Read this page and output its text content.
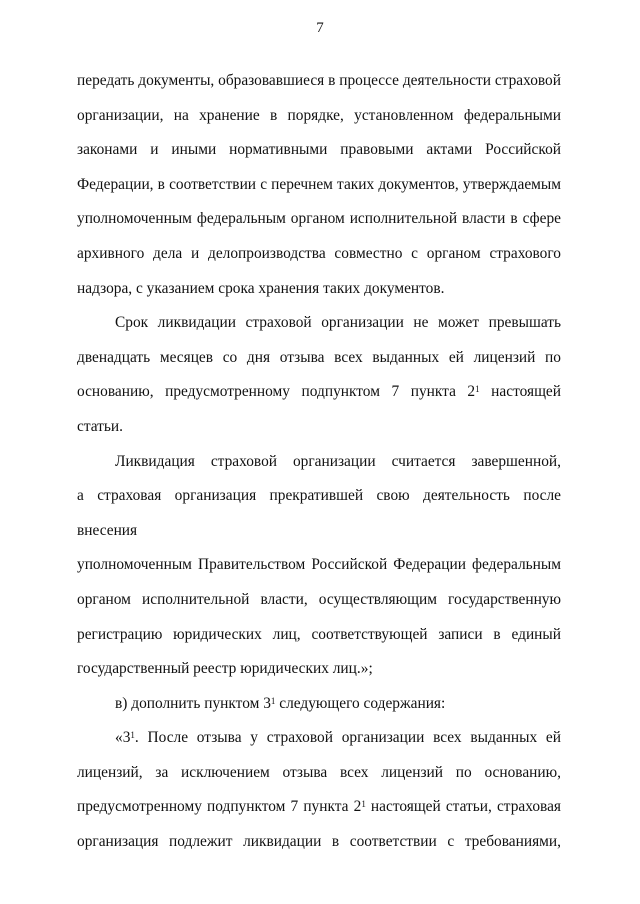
7
передать документы, образовавшиеся в процессе деятельности страховой
организации, на хранение в порядке, установленном федеральными
законами и иными нормативными правовыми актами Российской
Федерации, в соответствии с перечнем таких документов, утверждаемым
уполномоченным федеральным органом исполнительной власти в сфере
архивного дела и делопроизводства совместно с органом страхового
надзора, с указанием срока хранения таких документов.
Срок ликвидации страховой организации не может превышать
двенадцать месяцев со дня отзыва всех выданных ей лицензий по
основанию, предусмотренному подпунктом 7 пункта $2^1$ настоящей статьи.
Ликвидация страховой организации считается завершенной,
а страховая организация прекратившей свою деятельность после внесения
уполномоченным Правительством Российской Федерации федеральным
органом исполнительной власти, осуществляющим государственную
регистрацию юридических лиц, соответствующей записи в единый
государственный реестр юридических лиц.»;
в) дополнить пунктом $3^1$ следующего содержания:
«$3^1$. После отзыва у страховой организации всех выданных ей
лицензий, за исключением отзыва всех лицензий по основанию,
предусмотренному подпунктом 7 пункта $2^1$ настоящей статьи, страховая
организация подлежит ликвидации в соответствии с требованиями,
